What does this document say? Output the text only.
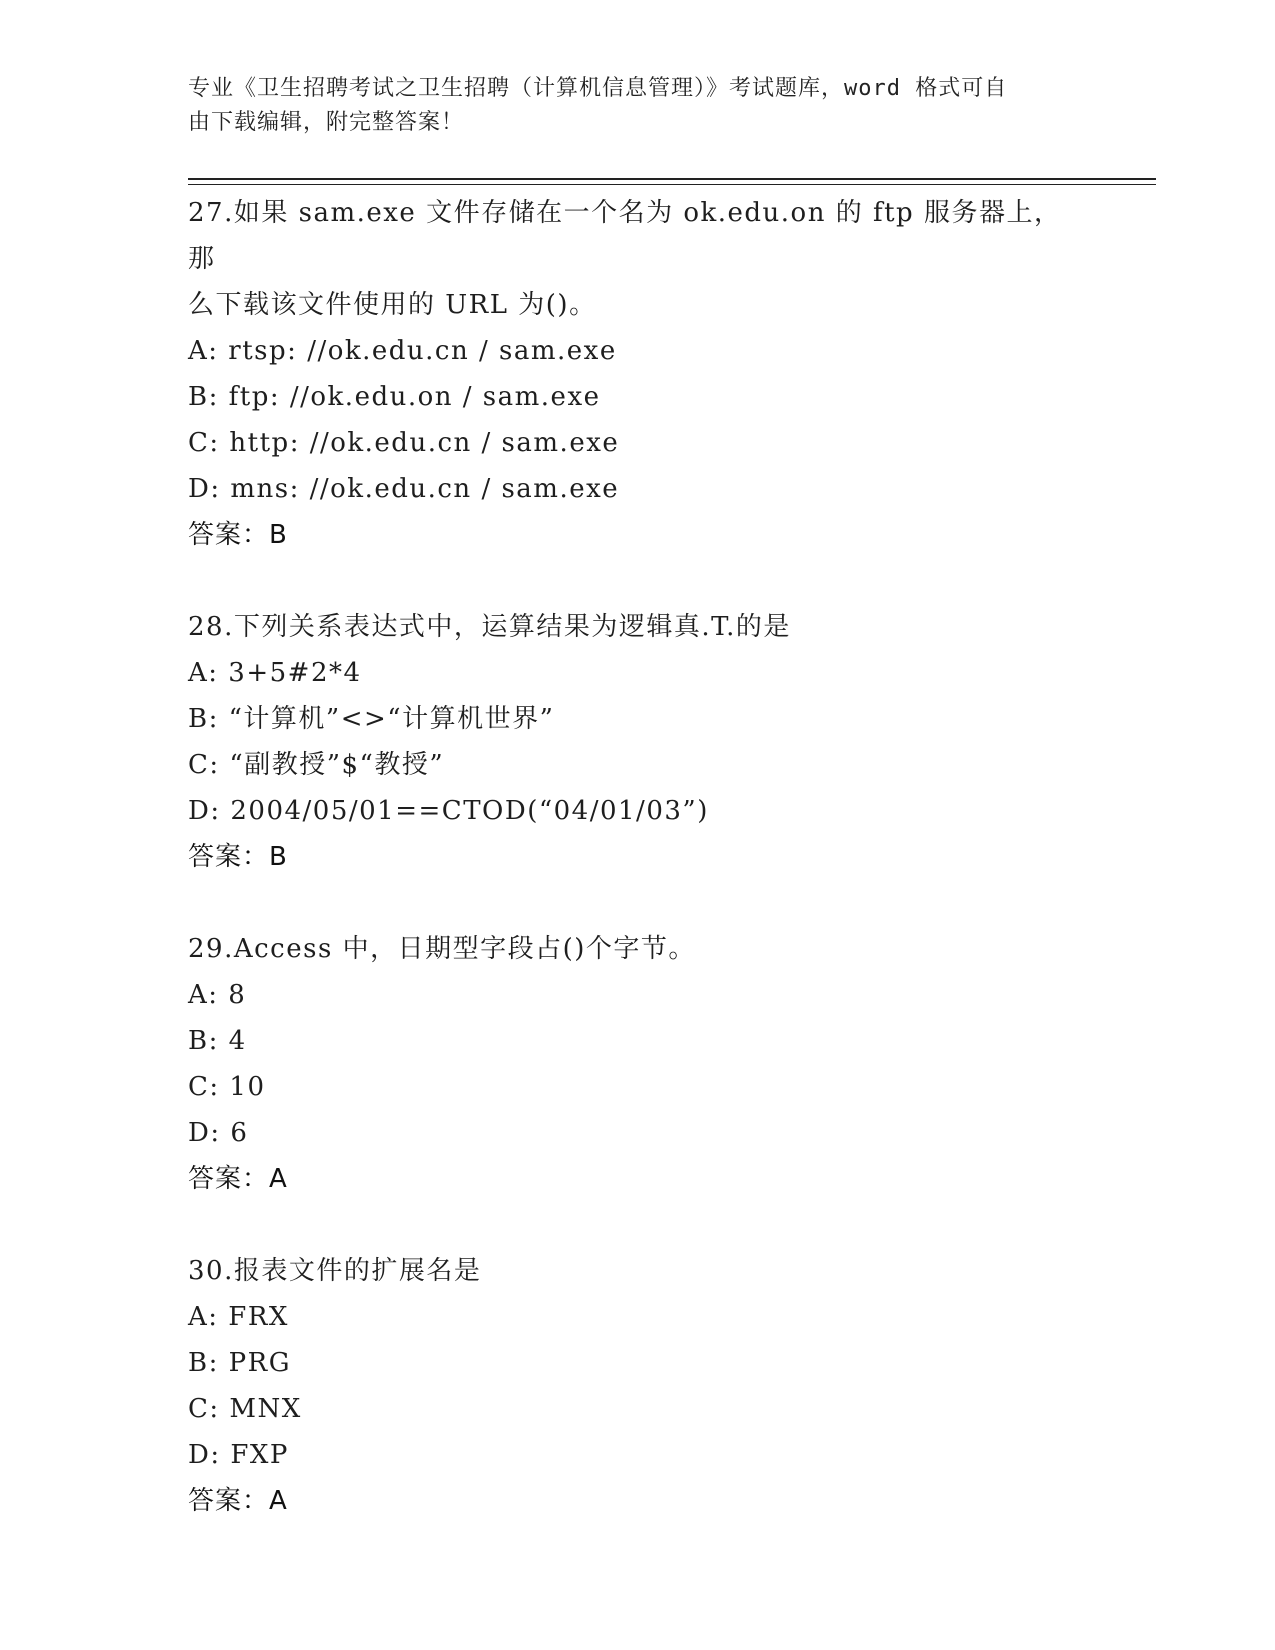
专业《卫生招聘考试之卫生招聘（计算机信息管理）》考试题库，word 格式可自
由下载编辑，附完整答案！
27.如果 sam.exe 文件存储在一个名为 ok.edu.on 的 ftp 服务器上，那
么下载该文件使用的 URL 为()。
A: rtsp: //ok.edu.cn / sam.exe
B: ftp: //ok.edu.on / sam.exe
C: http: //ok.edu.cn / sam.exe
D: mns: //ok.edu.cn / sam.exe
答案：B
28.下列关系表达式中，运算结果为逻辑真.T.的是
A: 3+5#2*4
B: “计算机”<>“计算机世界”
C: “副教授”$“教授”
D: 2004/05/01==CTOD(“04/01/03”)
答案：B
29.Access 中，日期型字段占()个字节。
A: 8
B: 4
C: 10
D: 6
答案：A
30.报表文件的扩展名是
A: FRX
B: PRG
C: MNX
D: FXP
答案：A
